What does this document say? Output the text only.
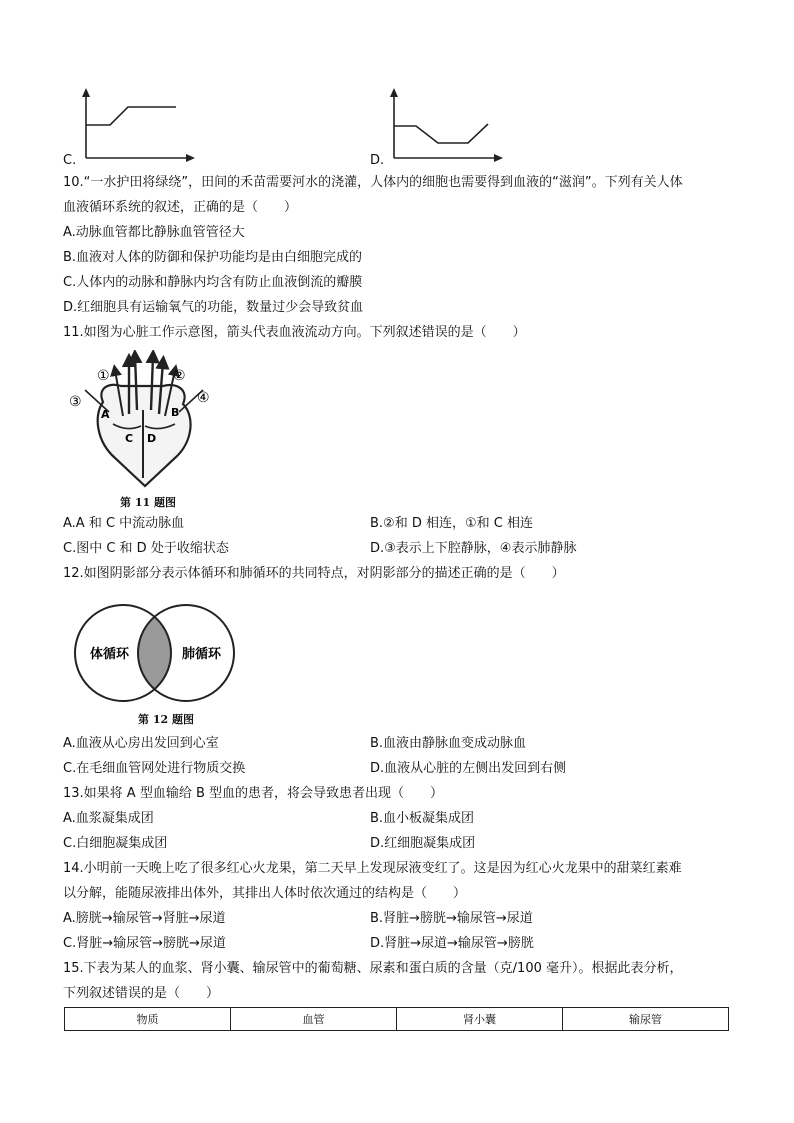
C.	D.
10.“一水护田将绿绕”，田间的禾苗需要河水的浇灌，人体内的细胞也需要得到血液的“滋润”。下列有关人体
血液循环系统的叙述，正确的是（　　）
A.动脉血管都比静脉血管管径大
B.血液对人体的防御和保护功能均是由白细胞完成的
C.人体内的动脉和静脉内均含有防止血液倒流的瓣膜
D.红细胞具有运输氧气的功能，数量过少会导致贫血
11.如图为心脏工作示意图，箭头代表血液流动方向。下列叙述错误的是（　　）
①	②
③	④
A	B
C D
第 11 题图
A.A 和 C 中流动脉血	B.②和 D 相连，①和 C 相连
C.图中 C 和 D 处于收缩状态	D.③表示上下腔静脉，④表示肺静脉
12.如图阴影部分表示体循环和肺循环的共同特点，对阴影部分的描述正确的是（　　）
体循环	肺循环
第 12 题图
A.血液从心房出发回到心室	B.血液由静脉血变成动脉血
C.在毛细血管网处进行物质交换	D.血液从心脏的左侧出发回到右侧
13.如果将 A 型血输给 B 型血的患者，将会导致患者出现（　　）
A.血浆凝集成团	B.血小板凝集成团
C.白细胞凝集成团	D.红细胞凝集成团
14.小明前一天晚上吃了很多红心火龙果，第二天早上发现尿液变红了。这是因为红心火龙果中的甜菜红素难
以分解，能随尿液排出体外，其排出人体时依次通过的结构是（　　）
A.膀胱→输尿管→肾脏→尿道	B.肾脏→膀胱→输尿管→尿道
C.肾脏→输尿管→膀胱→尿道	D.肾脏→尿道→输尿管→膀胱
15.下表为某人的血浆、肾小囊、输尿管中的葡萄糖、尿素和蛋白质的含量（克/100 毫升）。根据此表分析，
下列叙述错误的是（　　）
物质	血管	肾小囊	输尿管
